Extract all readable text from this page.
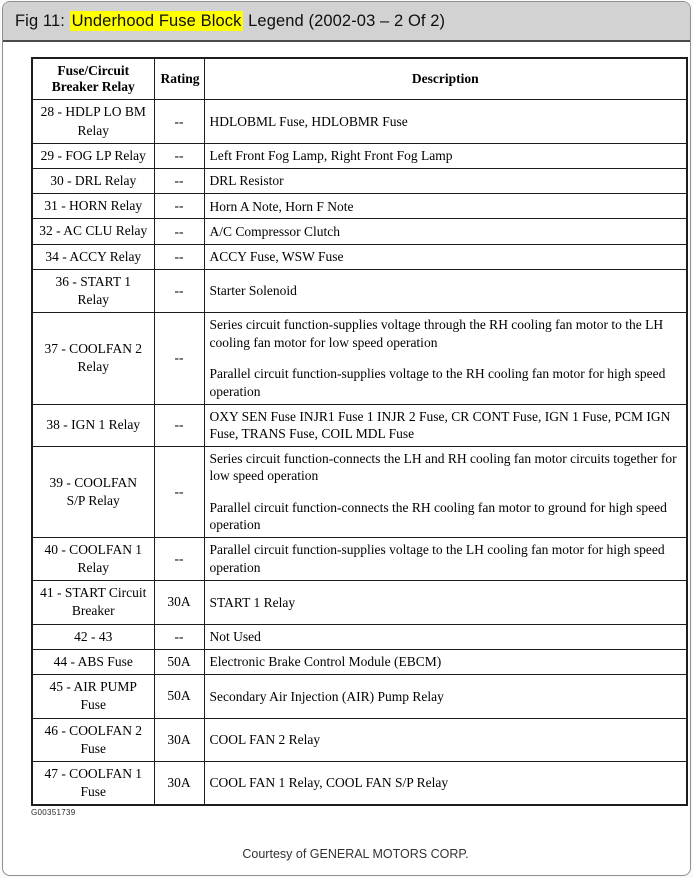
Fig 11: Underhood Fuse Block Legend (2002-03 – 2 Of 2)
Fuse/Circuit Breaker Relay	Rating	Description
28 - HDLP LO BM Relay	--	HDLOBML Fuse, HDLOBMR Fuse

29 - FOG LP Relay	--	Left Front Fog Lamp, Right Front Fog Lamp

30 - DRL Relay	--	DRL Resistor

31 - HORN Relay	--	Horn A Note, Horn F Note

32 - AC CLU Relay	--	A/C Compressor Clutch

34 - ACCY Relay	--	ACCY Fuse, WSW Fuse

36 - START 1 Relay	--	Starter Solenoid

37 - COOLFAN 2 Relay	--	Series circuit function-supplies voltage through the RH cooling fan motor to the LH cooling fan motor for low speed operation
Parallel circuit function-supplies voltage to the RH cooling fan motor for high speed operation

38 - IGN 1 Relay	--	OXY SEN Fuse INJR1 Fuse 1 INJR 2 Fuse, CR CONT Fuse, IGN 1 Fuse, PCM IGN Fuse, TRANS Fuse, COIL MDL Fuse

39 - COOLFAN S/P Relay	--	Series circuit function-connects the LH and RH cooling fan motor circuits together for low speed operation
Parallel circuit function-connects the RH cooling fan motor to ground for high speed operation

40 - COOLFAN 1 Relay	--	Parallel circuit function-supplies voltage to the LH cooling fan motor for high speed operation

41 - START Circuit Breaker	30A	START 1 Relay

42 - 43	--	Not Used

44 - ABS Fuse	50A	Electronic Brake Control Module (EBCM)

45 - AIR PUMP Fuse	50A	Secondary Air Injection (AIR) Pump Relay

46 - COOLFAN 2 Fuse	30A	COOL FAN 2 Relay

47 - COOLFAN 1 Fuse	30A	COOL FAN 1 Relay, COOL FAN S/P Relay
G00351739
Courtesy of GENERAL MOTORS CORP.
